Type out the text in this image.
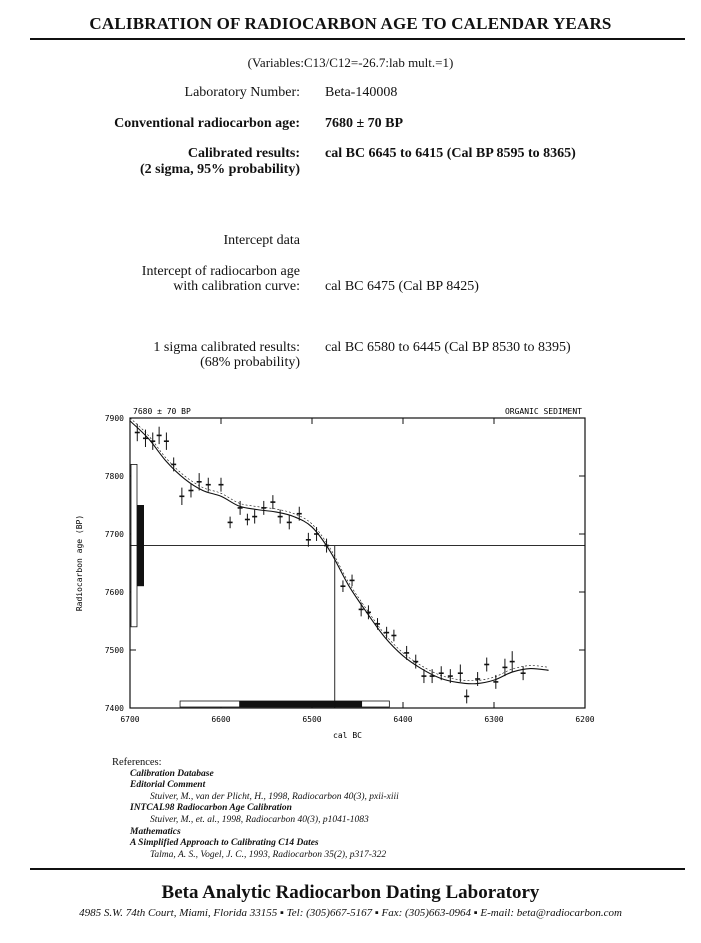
CALIBRATION OF RADIOCARBON AGE TO CALENDAR YEARS
(Variables:C13/C12=-26.7:lab mult.=1)
Laboratory Number: Beta-140008
Conventional radiocarbon age: 7680 ± 70 BP
Calibrated results:
(2 sigma, 95% probability)
cal BC 6645 to 6415 (Cal BP 8595 to 8365)
Intercept data
Intercept of radiocarbon age
with calibration curve: cal BC 6475 (Cal BP 8425)
1 sigma calibrated results:
(68% probability)
cal BC 6580 to 6445 (Cal BP 8530 to 8395)
7900
7800
7700
7600
7500
7400
6700	6600	6500	6400	6300	6200
7680 ± 70 BP	ORGANIC SEDIMENT
cal BC
Radiocarbon age (BP)
References:
Calibration Database
Editorial Comment
Stuiver, M., van der Plicht, H., 1998, Radiocarbon 40(3), pxii-xiii
INTCAL98 Radiocarbon Age Calibration
Stuiver, M., et. al., 1998, Radiocarbon 40(3), p1041-1083
Mathematics
A Simplified Approach to Calibrating C14 Dates
Talma, A. S., Vogel, J. C., 1993, Radiocarbon 35(2), p317-322
Beta Analytic Radiocarbon Dating Laboratory
4985 S.W. 74th Court, Miami, Florida 33155 ▪ Tel: (305)667-5167 ▪ Fax: (305)663-0964 ▪ E-mail: beta@radiocarbon.com
